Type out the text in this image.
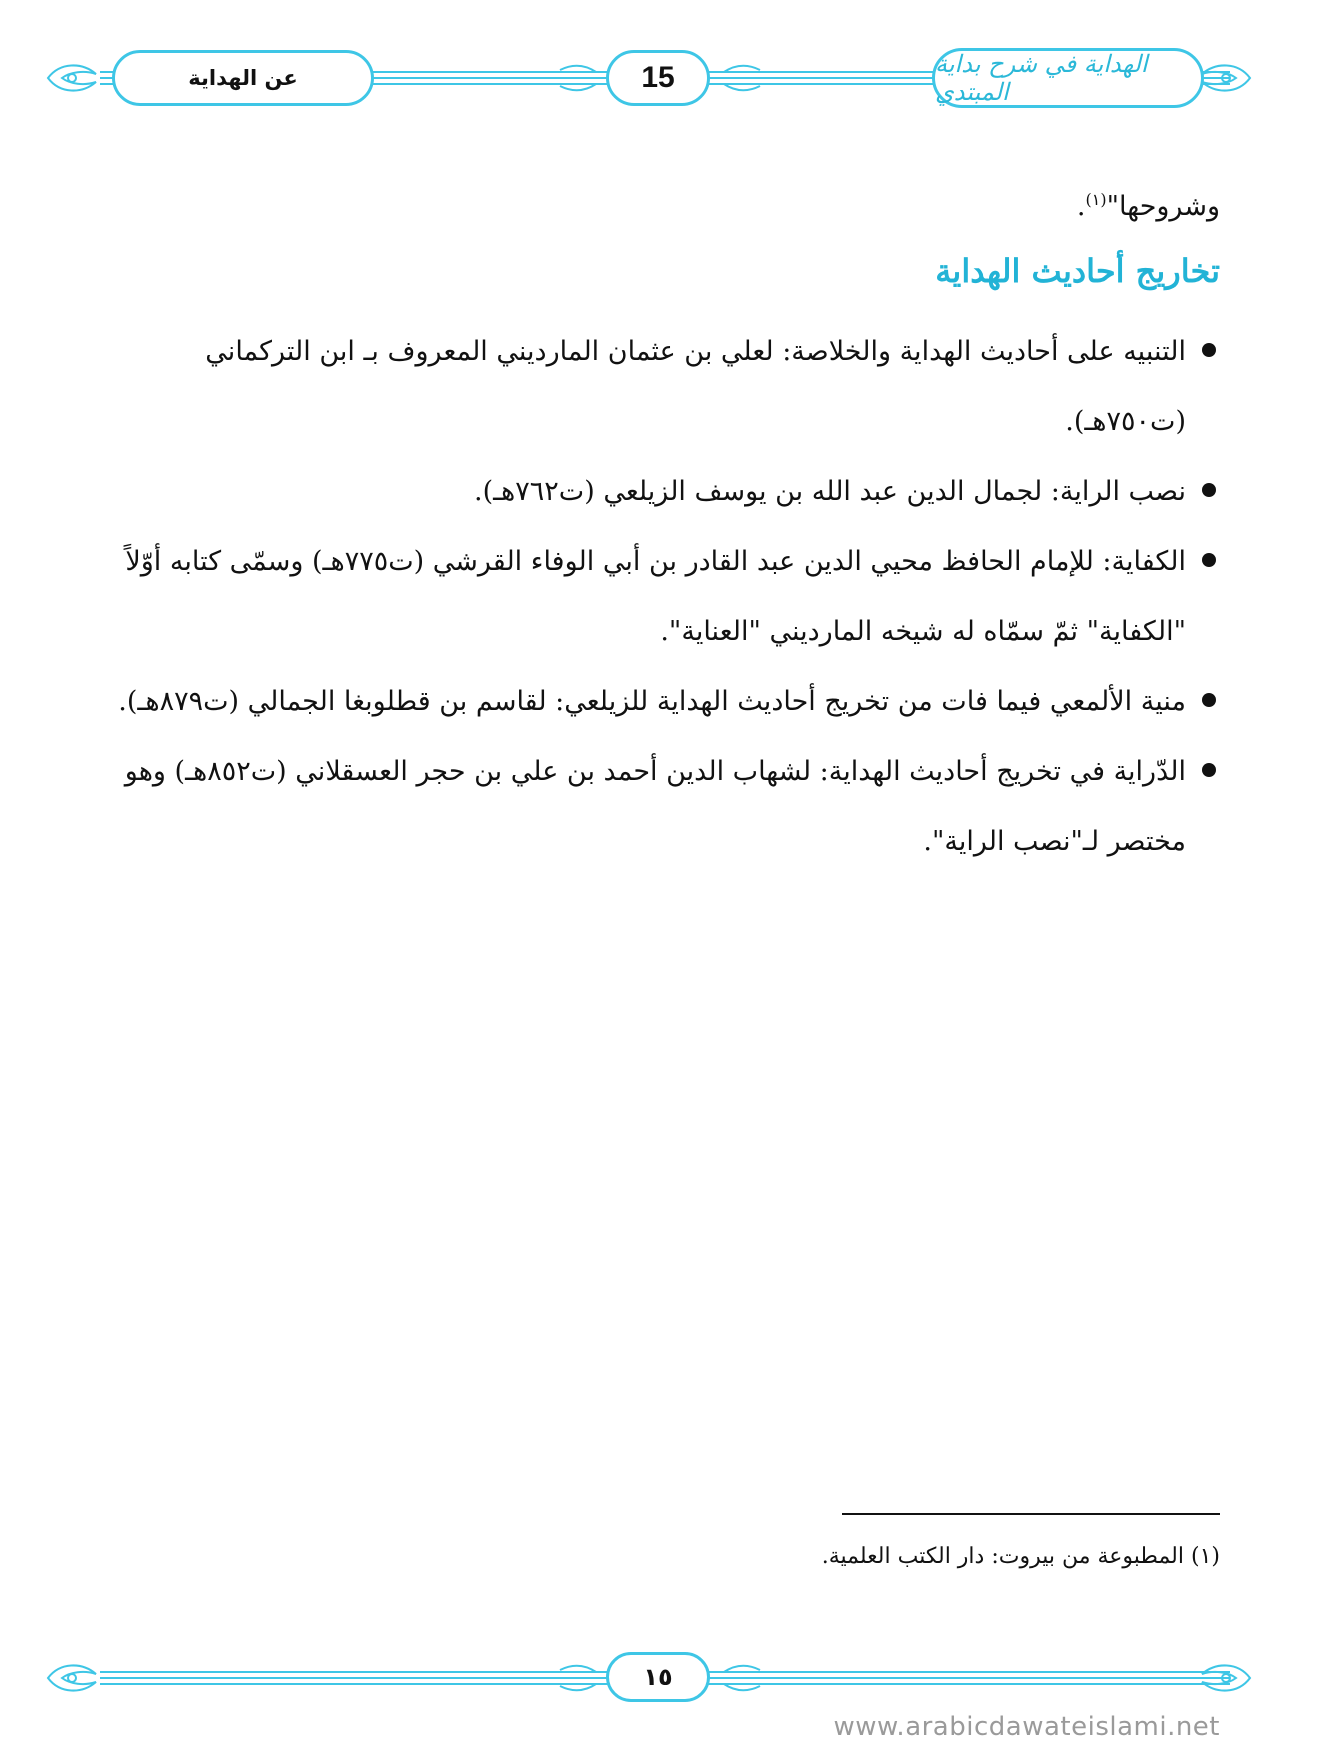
عن الهداية	15	الهداية في شرح بداية المبتدي

وشروحها"$^{(١)}$.

تخاريج أحاديث الهداية
التنبيه على أحاديث الهداية والخلاصة: لعلي بن عثمان المارديني المعروف بـ ابن التركماني (ت٧٥٠هـ).
نصب الراية: لجمال الدين عبد الله بن يوسف الزيلعي (ت٧٦٢هـ).
الكفاية: للإمام الحافظ محيي الدين عبد القادر بن أبي الوفاء القرشي (ت٧٧٥هـ) وسمّى كتابه أوّلاً "الكفاية" ثمّ سمّاه له شيخه المارديني "العناية".
منية الألمعي فيما فات من تخريج أحاديث الهداية للزيلعي: لقاسم بن قطلوبغا الجمالي (ت٨٧٩هـ).
الدّراية في تخريج أحاديث الهداية: لشهاب الدين أحمد بن علي بن حجر العسقلاني (ت٨٥٢هـ) وهو مختصر لـ"نصب الراية".
(١) المطبوعة من بيروت: دار الكتب العلمية.
١٥
www.arabicdawateislami.net
